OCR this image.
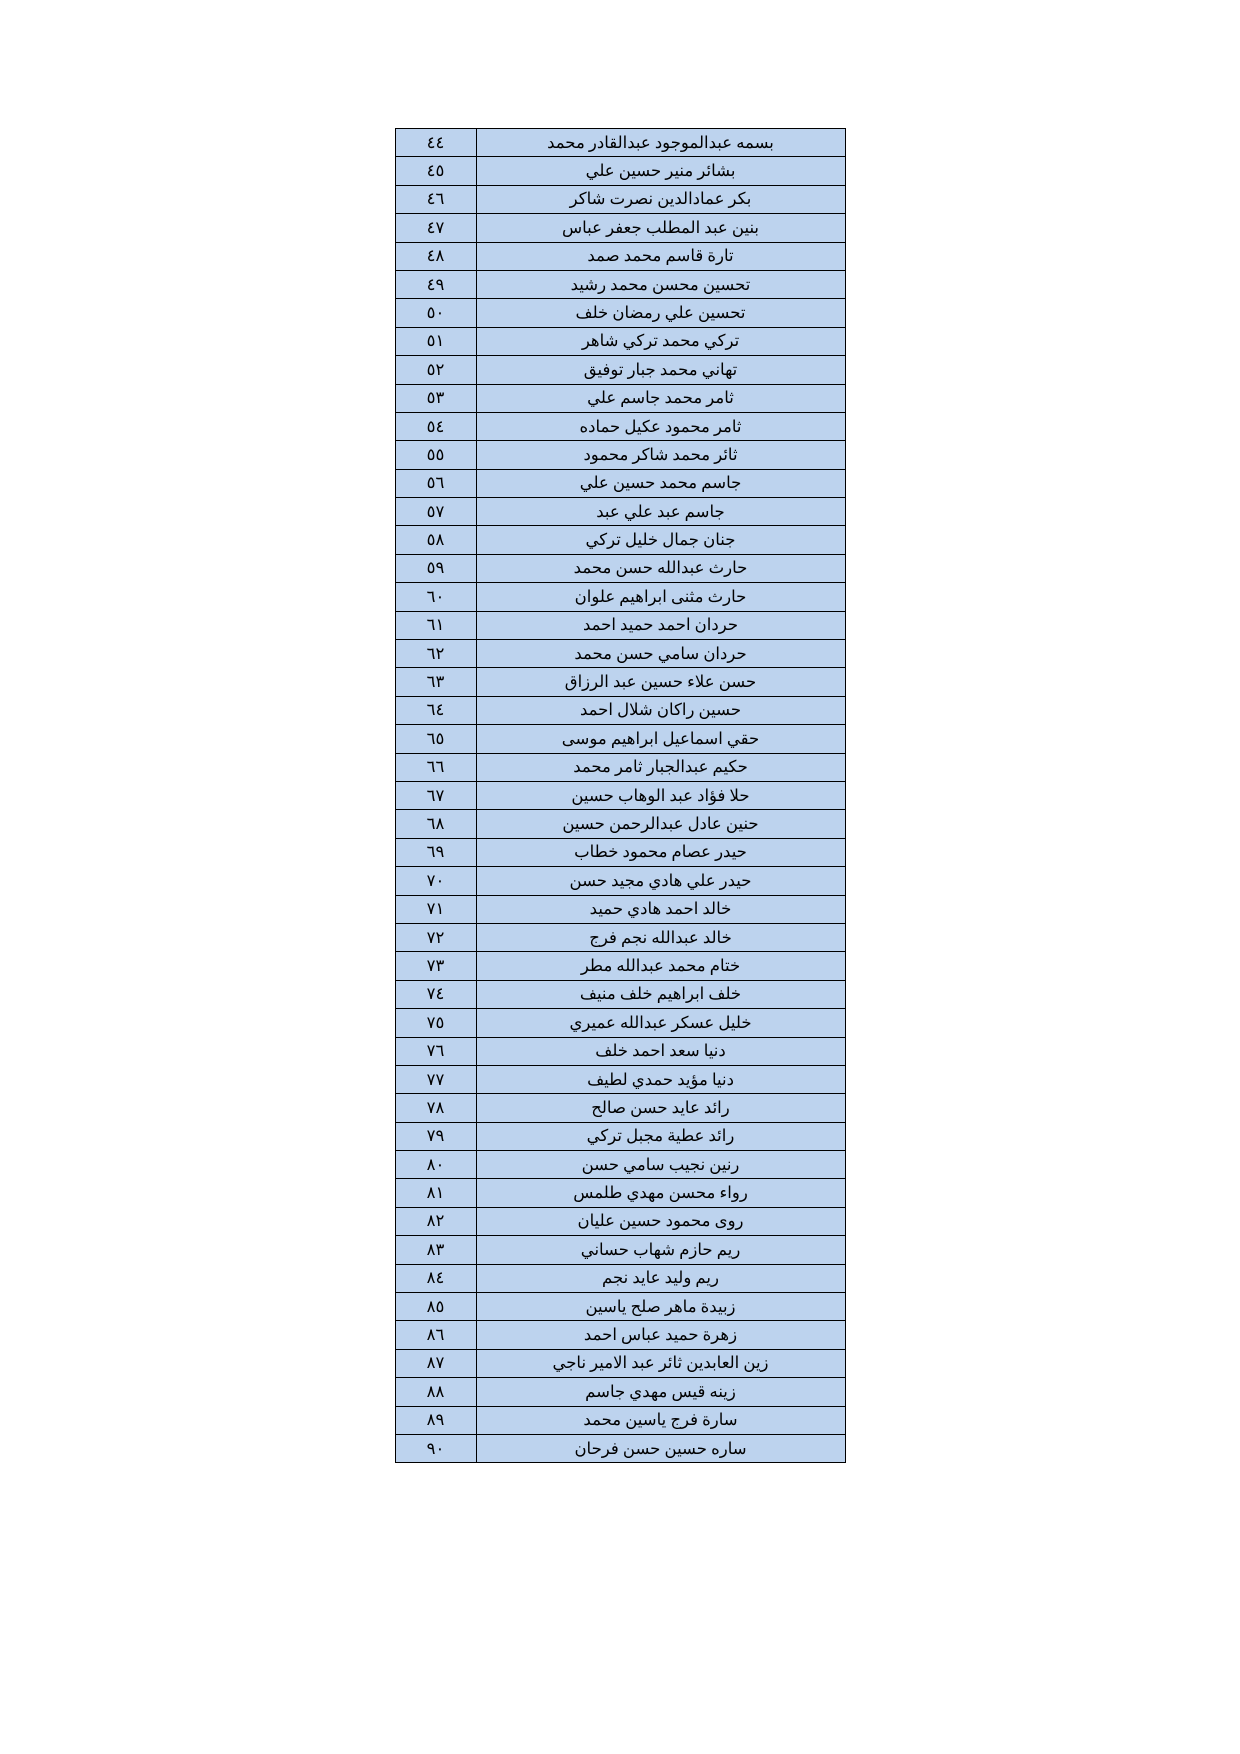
بسمه عبدالموجود عبدالقادر محمد	٤٤
بشائر منير حسين علي	٤٥
بكر عمادالدين نصرت شاكر	٤٦
بنين عبد المطلب جعفر عباس	٤٧
تارة قاسم محمد صمد	٤٨
تحسين محسن محمد رشيد	٤٩
تحسين علي رمضان خلف	٥٠
تركي محمد تركي شاهر	٥١
تهاني محمد جبار توفيق	٥٢
ثامر محمد جاسم علي	٥٣
ثامر محمود عكيل حماده	٥٤
ثائر محمد شاكر محمود	٥٥
جاسم محمد حسين علي	٥٦
جاسم عبد علي عبد	٥٧
جنان جمال خليل تركي	٥٨
حارث عبدالله حسن محمد	٥٩
حارث مثنى ابراهيم علوان	٦٠
حردان احمد حميد احمد	٦١
حردان سامي حسن محمد	٦٢
حسن علاء حسين عبد الرزاق	٦٣
حسين راكان شلال احمد	٦٤
حقي اسماعيل ابراهيم موسى	٦٥
حكيم عبدالجبار ثامر محمد	٦٦
حلا فؤاد عبد الوهاب حسين	٦٧
حنين عادل عبدالرحمن حسين	٦٨
حيدر عصام محمود خطاب	٦٩
حيدر علي هادي مجيد حسن	٧٠
خالد احمد هادي حميد	٧١
خالد عبدالله نجم فرج	٧٢
ختام محمد عبدالله مطر	٧٣
خلف ابراهيم خلف منيف	٧٤
خليل عسكر عبدالله عميري	٧٥
دنيا سعد احمد خلف	٧٦
دنيا مؤيد حمدي لطيف	٧٧
رائد عايد حسن صالح	٧٨
رائد عطية مجبل تركي	٧٩
رنين نجيب سامي حسن	٨٠
رواء محسن مهدي طلمس	٨١
روى محمود حسين عليان	٨٢
ريم حازم شهاب حساني	٨٣
ريم وليد عايد نجم	٨٤
زبيدة ماهر صلح ياسين	٨٥
زهرة حميد عباس احمد	٨٦
زين العابدين ثائر عبد الامير ناجي	٨٧
زينه قيس مهدي جاسم	٨٨
سارة فرج ياسين محمد	٨٩
ساره حسين حسن فرحان	٩٠
